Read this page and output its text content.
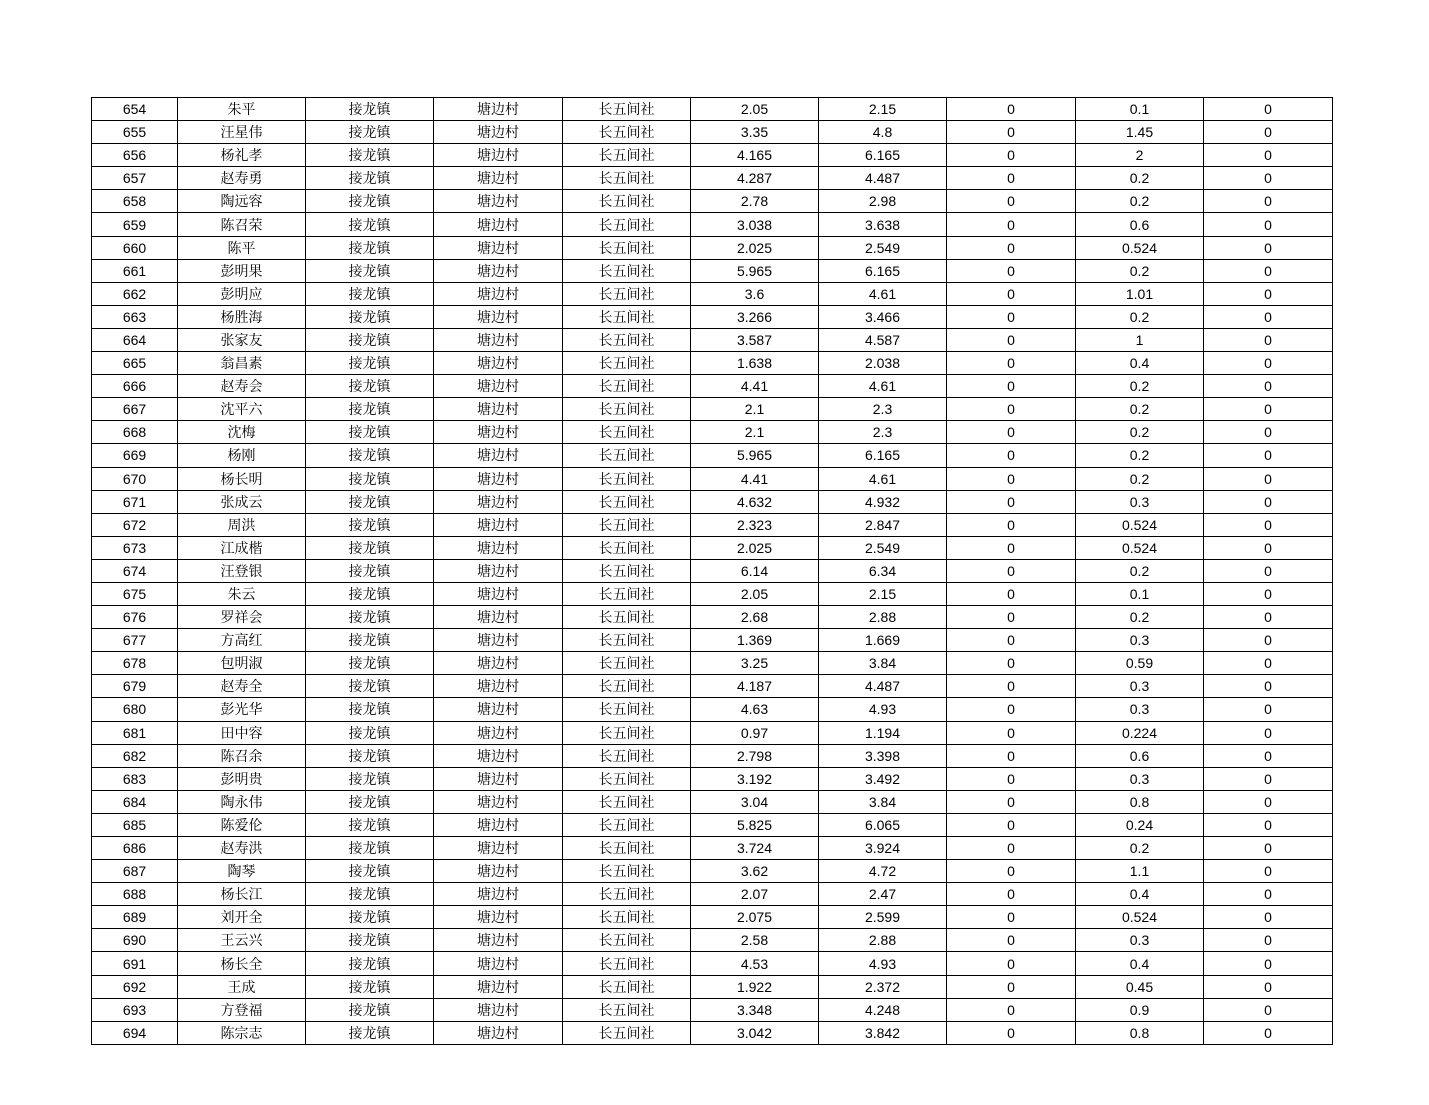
654	朱平	接龙镇	塘边村	长五间社	2.05	2.15	0	0.1	0
655	汪星伟	接龙镇	塘边村	长五间社	3.35	4.8	0	1.45	0
656	杨礼孝	接龙镇	塘边村	长五间社	4.165	6.165	0	2	0
657	赵寿勇	接龙镇	塘边村	长五间社	4.287	4.487	0	0.2	0
658	陶远容	接龙镇	塘边村	长五间社	2.78	2.98	0	0.2	0
659	陈召荣	接龙镇	塘边村	长五间社	3.038	3.638	0	0.6	0
660	陈平	接龙镇	塘边村	长五间社	2.025	2.549	0	0.524	0
661	彭明果	接龙镇	塘边村	长五间社	5.965	6.165	0	0.2	0
662	彭明应	接龙镇	塘边村	长五间社	3.6	4.61	0	1.01	0
663	杨胜海	接龙镇	塘边村	长五间社	3.266	3.466	0	0.2	0
664	张家友	接龙镇	塘边村	长五间社	3.587	4.587	0	1	0
665	翁昌素	接龙镇	塘边村	长五间社	1.638	2.038	0	0.4	0
666	赵寿会	接龙镇	塘边村	长五间社	4.41	4.61	0	0.2	0
667	沈平六	接龙镇	塘边村	长五间社	2.1	2.3	0	0.2	0
668	沈梅	接龙镇	塘边村	长五间社	2.1	2.3	0	0.2	0
669	杨刚	接龙镇	塘边村	长五间社	5.965	6.165	0	0.2	0
670	杨长明	接龙镇	塘边村	长五间社	4.41	4.61	0	0.2	0
671	张成云	接龙镇	塘边村	长五间社	4.632	4.932	0	0.3	0
672	周洪	接龙镇	塘边村	长五间社	2.323	2.847	0	0.524	0
673	江成楷	接龙镇	塘边村	长五间社	2.025	2.549	0	0.524	0
674	汪登银	接龙镇	塘边村	长五间社	6.14	6.34	0	0.2	0
675	朱云	接龙镇	塘边村	长五间社	2.05	2.15	0	0.1	0
676	罗祥会	接龙镇	塘边村	长五间社	2.68	2.88	0	0.2	0
677	方高红	接龙镇	塘边村	长五间社	1.369	1.669	0	0.3	0
678	包明淑	接龙镇	塘边村	长五间社	3.25	3.84	0	0.59	0
679	赵寿全	接龙镇	塘边村	长五间社	4.187	4.487	0	0.3	0
680	彭光华	接龙镇	塘边村	长五间社	4.63	4.93	0	0.3	0
681	田中容	接龙镇	塘边村	长五间社	0.97	1.194	0	0.224	0
682	陈召余	接龙镇	塘边村	长五间社	2.798	3.398	0	0.6	0
683	彭明贵	接龙镇	塘边村	长五间社	3.192	3.492	0	0.3	0
684	陶永伟	接龙镇	塘边村	长五间社	3.04	3.84	0	0.8	0
685	陈爱伦	接龙镇	塘边村	长五间社	5.825	6.065	0	0.24	0
686	赵寿洪	接龙镇	塘边村	长五间社	3.724	3.924	0	0.2	0
687	陶琴	接龙镇	塘边村	长五间社	3.62	4.72	0	1.1	0
688	杨长江	接龙镇	塘边村	长五间社	2.07	2.47	0	0.4	0
689	刘开全	接龙镇	塘边村	长五间社	2.075	2.599	0	0.524	0
690	王云兴	接龙镇	塘边村	长五间社	2.58	2.88	0	0.3	0
691	杨长全	接龙镇	塘边村	长五间社	4.53	4.93	0	0.4	0
692	王成	接龙镇	塘边村	长五间社	1.922	2.372	0	0.45	0
693	方登福	接龙镇	塘边村	长五间社	3.348	4.248	0	0.9	0
694	陈宗志	接龙镇	塘边村	长五间社	3.042	3.842	0	0.8	0
